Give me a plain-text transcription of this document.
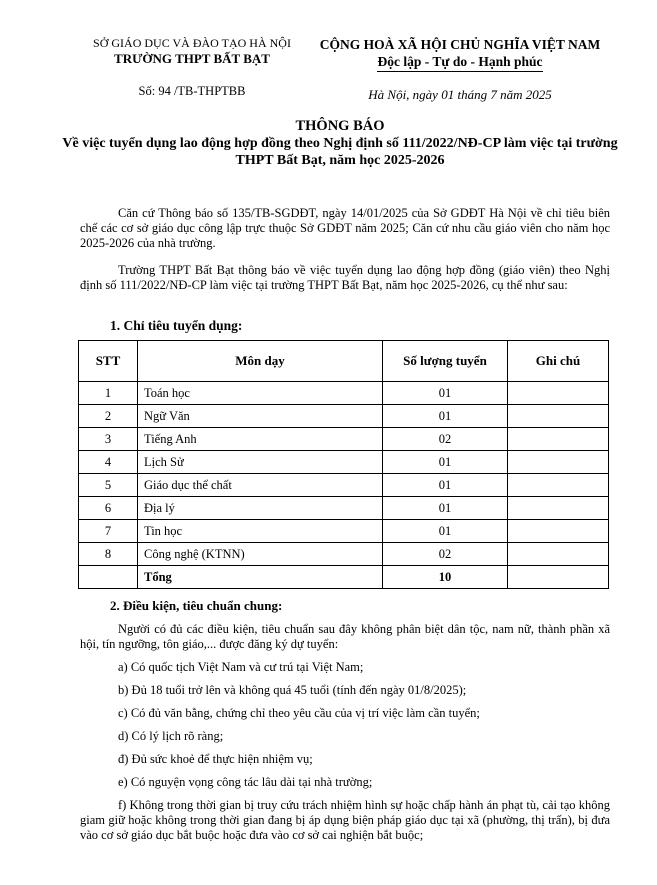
SỞ GIÁO DỤC VÀ ĐÀO TẠO HÀ NỘI
TRƯỜNG THPT BẤT BẠT
Số: 94 /TB-THPTBB
CỘNG HOÀ XÃ HỘI CHỦ NGHĨA VIỆT NAM
Độc lập - Tự do - Hạnh phúc
Hà Nội, ngày 01 tháng 7 năm 2025
THÔNG BÁO
Về việc tuyển dụng lao động hợp đồng theo Nghị định số 111/2022/NĐ-CP làm việc tại trường THPT Bất Bạt, năm học 2025-2026
Căn cứ Thông báo số 135/TB-SGDĐT, ngày 14/01/2025 của Sở GDĐT Hà Nội về chỉ tiêu biên chế các cơ sở giáo dục công lập trực thuộc Sở GDĐT năm 2025; Căn cứ nhu cầu giáo viên cho năm học 2025-2026 của nhà trường.
Trường THPT Bất Bạt thông báo về việc tuyển dụng lao động hợp đồng (giáo viên) theo Nghị định số 111/2022/NĐ-CP làm việc tại trường THPT Bất Bạt, năm học 2025-2026, cụ thể như sau:
1. Chỉ tiêu tuyển dụng:
STT	Môn dạy	Số lượng tuyển	Ghi chú
1	Toán học	01	
2	Ngữ Văn	01	
3	Tiếng Anh	02	
4	Lịch Sử	01	
5	Giáo dục thể chất	01	
6	Địa lý	01	
7	Tin học	01	
8	Công nghệ (KTNN)	02	
	Tổng	10	
2. Điều kiện, tiêu chuẩn chung:
Người có đủ các điều kiện, tiêu chuẩn sau đây không phân biệt dân tộc, nam nữ, thành phần xã hội, tín ngưỡng, tôn giáo,... được đăng ký dự tuyển:
a) Có quốc tịch Việt Nam và cư trú tại Việt Nam;
b) Đủ 18 tuổi trở lên và không quá 45 tuổi (tính đến ngày 01/8/2025);
c) Có đủ văn bằng, chứng chỉ theo yêu cầu của vị trí việc làm cần tuyển;
d) Có lý lịch rõ ràng;
đ) Đủ sức khoẻ để thực hiện nhiệm vụ;
e) Có nguyện vọng công tác lâu dài tại nhà trường;
f) Không trong thời gian bị truy cứu trách nhiệm hình sự hoặc chấp hành án phạt tù, cải tạo không giam giữ hoặc không trong thời gian đang bị áp dụng biện pháp giáo dục tại xã (phường, thị trấn), bị đưa vào cơ sở giáo dục bắt buộc hoặc đưa vào cơ sở cai nghiện bắt buộc;
